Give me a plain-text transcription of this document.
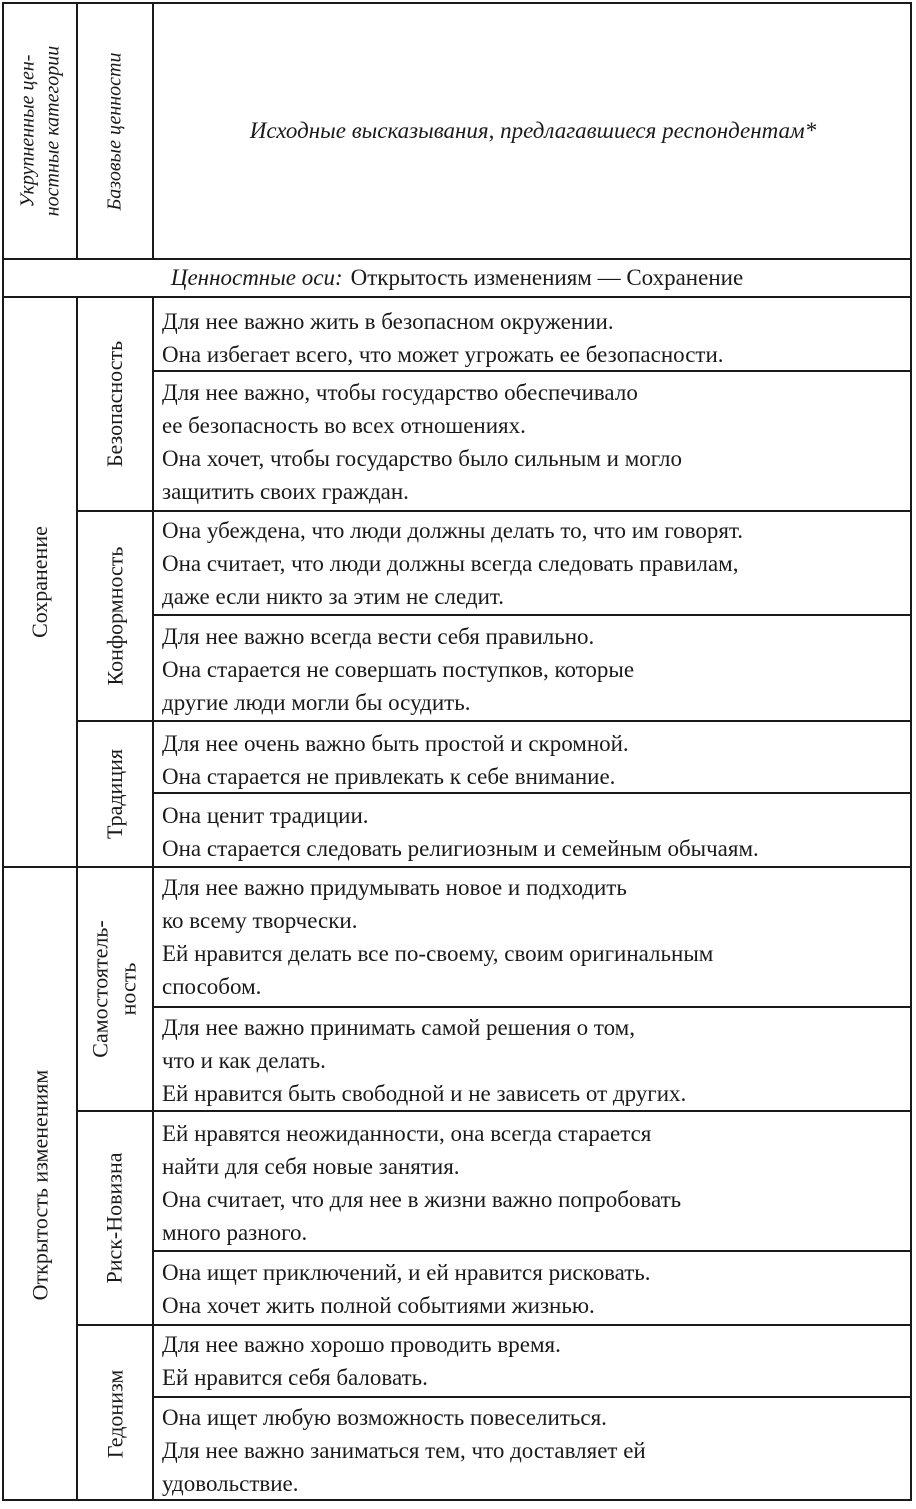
Укрупненные цен- ностные категории Базовые ценности	Исходные высказывания, предлагавшиеся респондентам*
Ценностные оси: Открытость изменениям — Сохранение
Сохранение
Открытость изменениям
Безопасность
Конформность
Традиция
Самостоятель- ность
Риск-Новизна
Гедонизм
Для нее важно жить в безопасном окружении.
Она избегает всего, что может угрожать ее безопасности.
Для нее важно, чтобы государство обеспечивало
ее безопасность во всех отношениях.
Она хочет, чтобы государство было сильным и могло
защитить своих граждан.
Она убеждена, что люди должны делать то, что им говорят.
Она считает, что люди должны всегда следовать правилам,
даже если никто за этим не следит.
Для нее важно всегда вести себя правильно.
Она старается не совершать поступков, которые
другие люди могли бы осудить.
Для нее очень важно быть простой и скромной.
Она старается не привлекать к себе внимание.
Она ценит традиции.
Она старается следовать религиозным и семейным обычаям.
Для нее важно придумывать новое и подходить
ко всему творчески.
Ей нравится делать все по-своему, своим оригинальным
способом.
Для нее важно принимать самой решения о том,
что и как делать.
Ей нравится быть свободной и не зависеть от других.
Ей нравятся неожиданности, она всегда старается
найти для себя новые занятия.
Она считает, что для нее в жизни важно попробовать
много разного.
Она ищет приключений, и ей нравится рисковать.
Она хочет жить полной событиями жизнью.
Для нее важно хорошо проводить время.
Ей нравится себя баловать.
Она ищет любую возможность повеселиться.
Для нее важно заниматься тем, что доставляет ей
удовольствие.
